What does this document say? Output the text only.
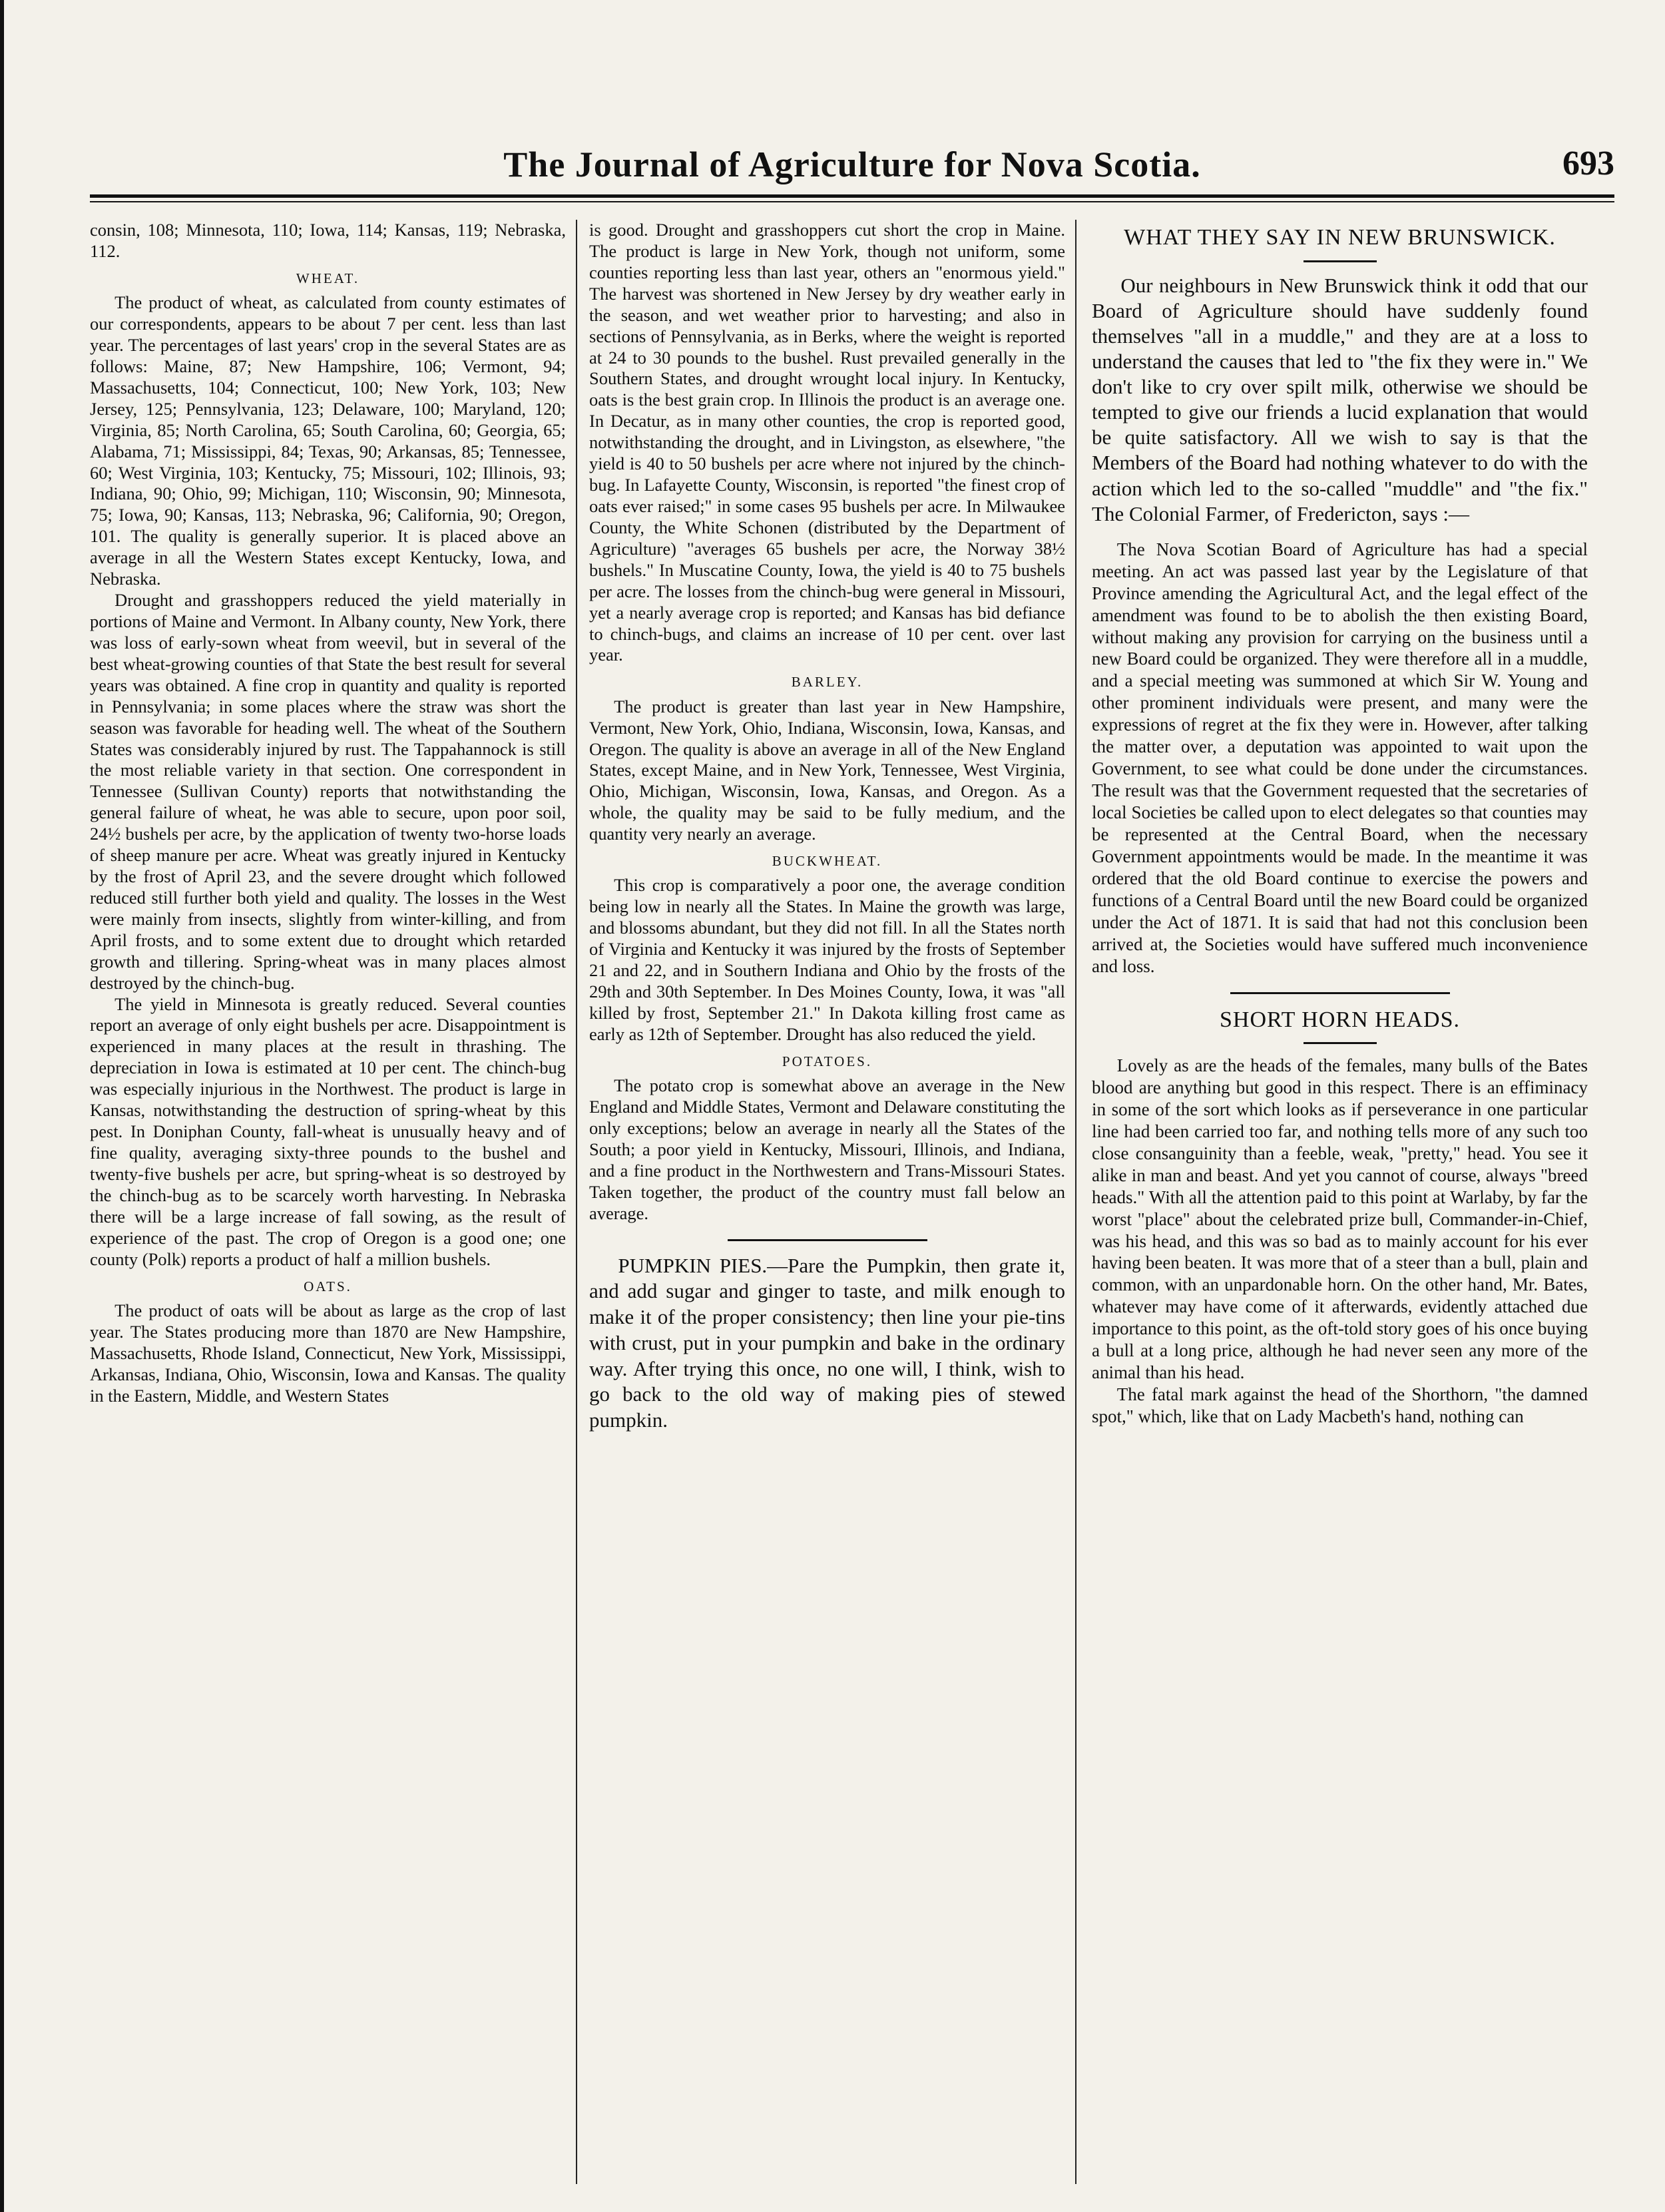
The Journal of Agriculture for Nova Scotia.	693

consin, 108; Minnesota, 110; Iowa, 114; Kansas, 119; Nebraska, 112.

WHEAT.

The product of wheat, as calculated from county estimates of our correspondents, appears to be about 7 per cent. less than last year. The percentages of last years' crop in the several States are as follows: Maine, 87; New Hampshire, 106; Vermont, 94; Massachusetts, 104; Connecticut, 100; New York, 103; New Jersey, 125; Pennsylvania, 123; Delaware, 100; Maryland, 120; Virginia, 85; North Carolina, 65; South Carolina, 60; Georgia, 65; Alabama, 71; Mississippi, 84; Texas, 90; Arkansas, 85; Tennessee, 60; West Virginia, 103; Kentucky, 75; Missouri, 102; Illinois, 93; Indiana, 90; Ohio, 99; Michigan, 110; Wisconsin, 90; Minnesota, 75; Iowa, 90; Kansas, 113; Nebraska, 96; California, 90; Oregon, 101. The quality is generally superior. It is placed above an average in all the Western States except Kentucky, Iowa, and Nebraska.

Drought and grasshoppers reduced the yield materially in portions of Maine and Vermont. In Albany county, New York, there was loss of early-sown wheat from weevil, but in several of the best wheat-growing counties of that State the best result for several years was obtained. A fine crop in quantity and quality is reported in Pennsylvania; in some places where the straw was short the season was favorable for heading well. The wheat of the Southern States was considerably injured by rust. The Tappahannock is still the most reliable variety in that section. One correspondent in Tennessee (Sullivan County) reports that notwithstanding the general failure of wheat, he was able to secure, upon poor soil, 24½ bushels per acre, by the application of twenty two-horse loads of sheep manure per acre. Wheat was greatly injured in Kentucky by the frost of April 23, and the severe drought which followed reduced still further both yield and quality. The losses in the West were mainly from insects, slightly from winter-killing, and from April frosts, and to some extent due to drought which retarded growth and tillering. Spring-wheat was in many places almost destroyed by the chinch-bug.

The yield in Minnesota is greatly reduced. Several counties report an average of only eight bushels per acre. Disappointment is experienced in many places at the result in thrashing. The depreciation in Iowa is estimated at 10 per cent. The chinch-bug was especially injurious in the Northwest. The product is large in Kansas, notwithstanding the destruction of spring-wheat by this pest. In Doniphan County, fall-wheat is unusually heavy and of fine quality, averaging sixty-three pounds to the bushel and twenty-five bushels per acre, but spring-wheat is so destroyed by the chinch-bug as to be scarcely worth harvesting. In Nebraska there will be a large increase of fall sowing, as the result of experience of the past. The crop of Oregon is a good one; one county (Polk) reports a product of half a million bushels.

OATS.

The product of oats will be about as large as the crop of last year. The States producing more than 1870 are New Hampshire, Massachusetts, Rhode Island, Connecticut, New York, Mississippi, Arkansas, Indiana, Ohio, Wisconsin, Iowa and Kansas. The quality in the Eastern, Middle, and Western States

is good. Drought and grasshoppers cut short the crop in Maine. The product is large in New York, though not uniform, some counties reporting less than last year, others an "enormous yield." The harvest was shortened in New Jersey by dry weather early in the season, and wet weather prior to harvesting; and also in sections of Pennsylvania, as in Berks, where the weight is reported at 24 to 30 pounds to the bushel. Rust prevailed generally in the Southern States, and drought wrought local injury. In Kentucky, oats is the best grain crop. In Illinois the product is an average one. In Decatur, as in many other counties, the crop is reported good, notwithstanding the drought, and in Livingston, as elsewhere, "the yield is 40 to 50 bushels per acre where not injured by the chinch-bug. In Lafayette County, Wisconsin, is reported "the finest crop of oats ever raised;" in some cases 95 bushels per acre. In Milwaukee County, the White Schonen (distributed by the Department of Agriculture) "averages 65 bushels per acre, the Norway 38½ bushels." In Muscatine County, Iowa, the yield is 40 to 75 bushels per acre. The losses from the chinch-bug were general in Missouri, yet a nearly average crop is reported; and Kansas has bid defiance to chinch-bugs, and claims an increase of 10 per cent. over last year.

BARLEY.

The product is greater than last year in New Hampshire, Vermont, New York, Ohio, Indiana, Wisconsin, Iowa, Kansas, and Oregon. The quality is above an average in all of the New England States, except Maine, and in New York, Tennessee, West Virginia, Ohio, Michigan, Wisconsin, Iowa, Kansas, and Oregon. As a whole, the quality may be said to be fully medium, and the quantity very nearly an average.

BUCKWHEAT.

This crop is comparatively a poor one, the average condition being low in nearly all the States. In Maine the growth was large, and blossoms abundant, but they did not fill. In all the States north of Virginia and Kentucky it was injured by the frosts of September 21 and 22, and in Southern Indiana and Ohio by the frosts of the 29th and 30th September. In Des Moines County, Iowa, it was "all killed by frost, September 21." In Dakota killing frost came as early as 12th of September. Drought has also reduced the yield.

POTATOES.

The potato crop is somewhat above an average in the New England and Middle States, Vermont and Delaware constituting the only exceptions; below an average in nearly all the States of the South; a poor yield in Kentucky, Missouri, Illinois, and Indiana, and a fine product in the Northwestern and Trans-Missouri States. Taken together, the product of the country must fall below an average.

PUMPKIN PIES.—Pare the Pumpkin, then grate it, and add sugar and ginger to taste, and milk enough to make it of the proper consistency; then line your pie-tins with crust, put in your pumpkin and bake in the ordinary way. After trying this once, no one will, I think, wish to go back to the old way of making pies of stewed pumpkin.

WHAT THEY SAY IN NEW BRUNSWICK.

Our neighbours in New Brunswick think it odd that our Board of Agriculture should have suddenly found themselves "all in a muddle," and they are at a loss to understand the causes that led to "the fix they were in." We don't like to cry over spilt milk, otherwise we should be tempted to give our friends a lucid explanation that would be quite satisfactory. All we wish to say is that the Members of the Board had nothing whatever to do with the action which led to the so-called "muddle" and "the fix." The Colonial Farmer, of Fredericton, says :—

The Nova Scotian Board of Agriculture has had a special meeting. An act was passed last year by the Legislature of that Province amending the Agricultural Act, and the legal effect of the amendment was found to be to abolish the then existing Board, without making any provision for carrying on the business until a new Board could be organized. They were therefore all in a muddle, and a special meeting was summoned at which Sir W. Young and other prominent individuals were present, and many were the expressions of regret at the fix they were in. However, after talking the matter over, a deputation was appointed to wait upon the Government, to see what could be done under the circumstances. The result was that the Government requested that the secretaries of local Societies be called upon to elect delegates so that counties may be represented at the Central Board, when the necessary Government appointments would be made. In the meantime it was ordered that the old Board continue to exercise the powers and functions of a Central Board until the new Board could be organized under the Act of 1871. It is said that had not this conclusion been arrived at, the Societies would have suffered much inconvenience and loss.

SHORT HORN HEADS.

Lovely as are the heads of the females, many bulls of the Bates blood are anything but good in this respect. There is an effiminacy in some of the sort which looks as if perseverance in one particular line had been carried too far, and nothing tells more of any such too close consanguinity than a feeble, weak, "pretty," head. You see it alike in man and beast. And yet you cannot of course, always "breed heads." With all the attention paid to this point at Warlaby, by far the worst "place" about the celebrated prize bull, Commander-in-Chief, was his head, and this was so bad as to mainly account for his ever having been beaten. It was more that of a steer than a bull, plain and common, with an unpardonable horn. On the other hand, Mr. Bates, whatever may have come of it afterwards, evidently attached due importance to this point, as the oft-told story goes of his once buying a bull at a long price, although he had never seen any more of the animal than his head.

The fatal mark against the head of the Shorthorn, "the damned spot," which, like that on Lady Macbeth's hand, nothing can
